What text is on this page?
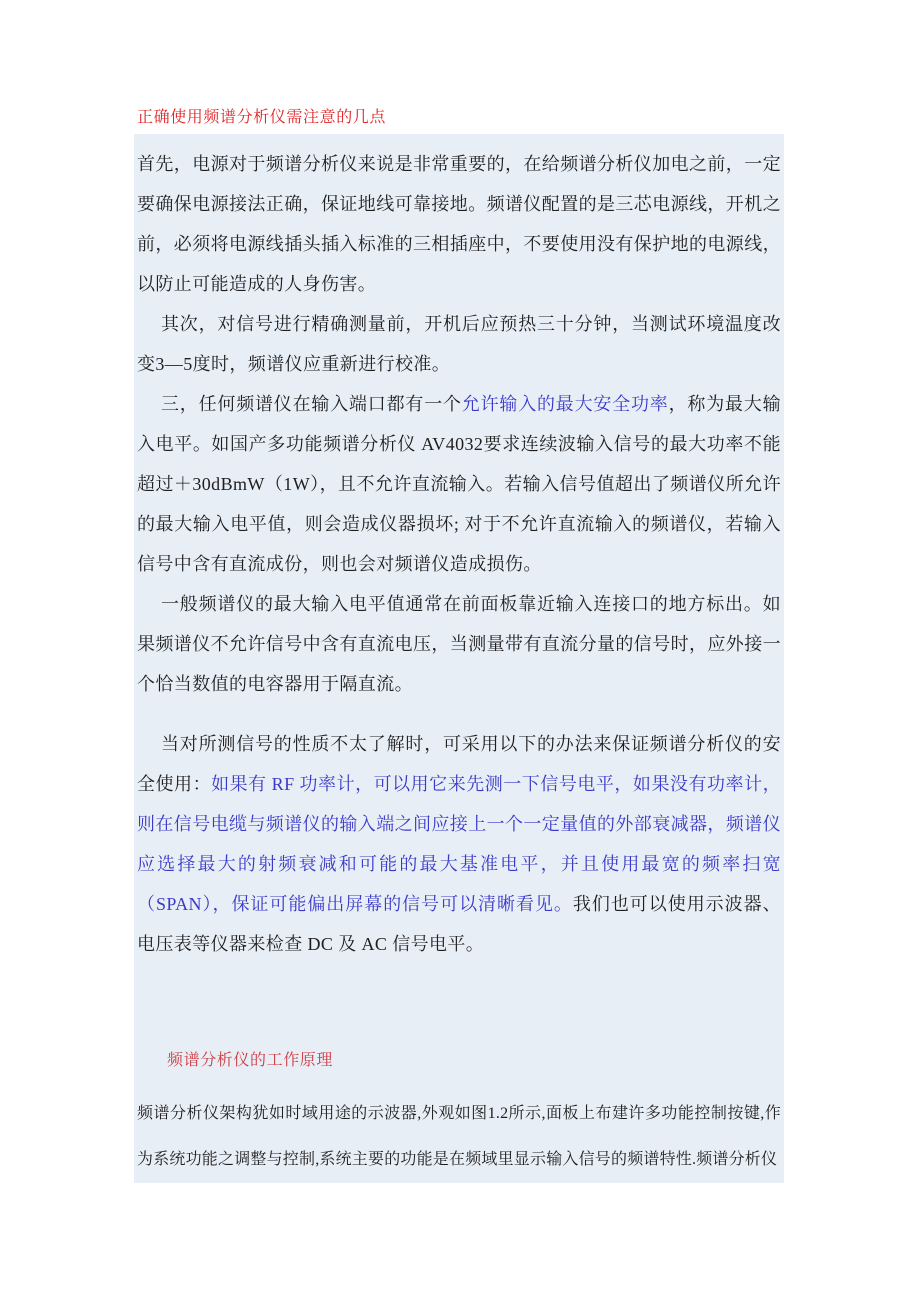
正确使用频谱分析仪需注意的几点

首先，电源对于频谱分析仪来说是非常重要的，在给频谱分析仪加电之前，一定要确保电源接法正确，保证地线可靠接地。频谱仪配置的是三芯电源线，开机之前，必须将电源线插头插入标准的三相插座中，不要使用没有保护地的电源线，以防止可能造成的人身伤害。

其次，对信号进行精确测量前，开机后应预热三十分钟，当测试环境温度改变3—5度时，频谱仪应重新进行校准。

三，任何频谱仪在输入端口都有一个允许输入的最大安全功率，称为最大输入电平。如国产多功能频谱分析仪 AV4032要求连续波输入信号的最大功率不能超过＋30dBmW（1W），且不允许直流输入。若输入信号值超出了频谱仪所允许的最大输入电平值，则会造成仪器损坏; 对于不允许直流输入的频谱仪，若输入信号中含有直流成份，则也会对频谱仪造成损伤。

一般频谱仪的最大输入电平值通常在前面板靠近输入连接口的地方标出。如果频谱仪不允许信号中含有直流电压，当测量带有直流分量的信号时，应外接一个恰当数值的电容器用于隔直流。

当对所测信号的性质不太了解时，可采用以下的办法来保证频谱分析仪的安全使用：如果有 RF 功率计，可以用它来先测一下信号电平，如果没有功率计，则在信号电缆与频谱仪的输入端之间应接上一个一定量值的外部衰减器，频谱仪应选择最大的射频衰减和可能的最大基准电平，并且使用最宽的频率扫宽（SPAN），保证可能偏出屏幕的信号可以清晰看见。我们也可以使用示波器、电压表等仪器来检查 DC 及 AC 信号电平。

频谱分析仪的工作原理

频谱分析仪架构犹如时域用途的示波器,外观如图1.2所示,面板上布建许多功能控制按键,作为系统功能之调整与控制,系统主要的功能是在频域里显示输入信号的频谱特性.频谱分析仪
